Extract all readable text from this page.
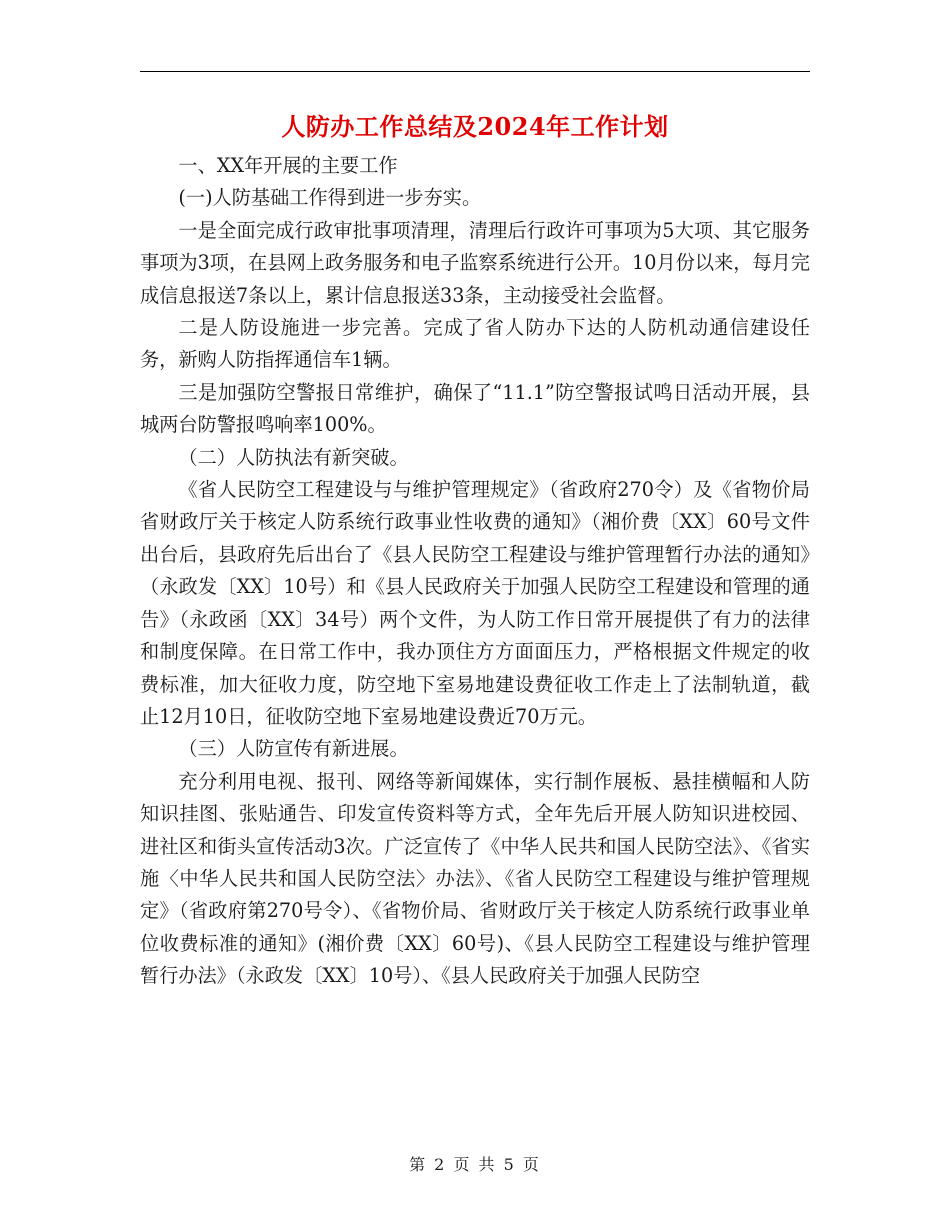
人防办工作总结及2024年工作计划

一、XX年开展的主要工作

(一)人防基础工作得到进一步夯实。

一是全面完成行政审批事项清理，清理后行政许可事项为5大项、其它服务事项为3项，在县网上政务服务和电子监察系统进行公开。10月份以来，每月完成信息报送7条以上，累计信息报送33条，主动接受社会监督。

二是人防设施进一步完善。完成了省人防办下达的人防机动通信建设任务，新购人防指挥通信车1辆。

三是加强防空警报日常维护，确保了“11.1”防空警报试鸣日活动开展，县城两台防警报鸣响率100%。

（二）人防执法有新突破。

《省人民防空工程建设与与维护管理规定》（省政府270令）及《省物价局省财政厅关于核定人防系统行政事业性收费的通知》（湘价费〔XX〕60号文件出台后，县政府先后出台了《县人民防空工程建设与维护管理暂行办法的通知》（永政发〔XX〕10号）和《县人民政府关于加强人民防空工程建设和管理的通告》（永政函〔XX〕34号）两个文件，为人防工作日常开展提供了有力的法律和制度保障。在日常工作中，我办顶住方方面面压力，严格根据文件规定的收费标准，加大征收力度，防空地下室易地建设费征收工作走上了法制轨道，截止12月10日，征收防空地下室易地建设费近70万元。

（三）人防宣传有新进展。

充分利用电视、报刊、网络等新闻媒体，实行制作展板、悬挂横幅和人防知识挂图、张贴通告、印发宣传资料等方式，全年先后开展人防知识进校园、进社区和街头宣传活动3次。广泛宣传了《中华人民共和国人民防空法》、《省实施〈中华人民共和国人民防空法〉办法》、《省人民防空工程建设与维护管理规定》（省政府第270号令）、《省物价局、省财政厅关于核定人防系统行政事业单位收费标准的通知》(湘价费〔XX〕60号)、《县人民防空工程建设与维护管理暂行办法》（永政发〔XX〕10号）、《县人民政府关于加强人民防空

第 2 页 共 5 页
